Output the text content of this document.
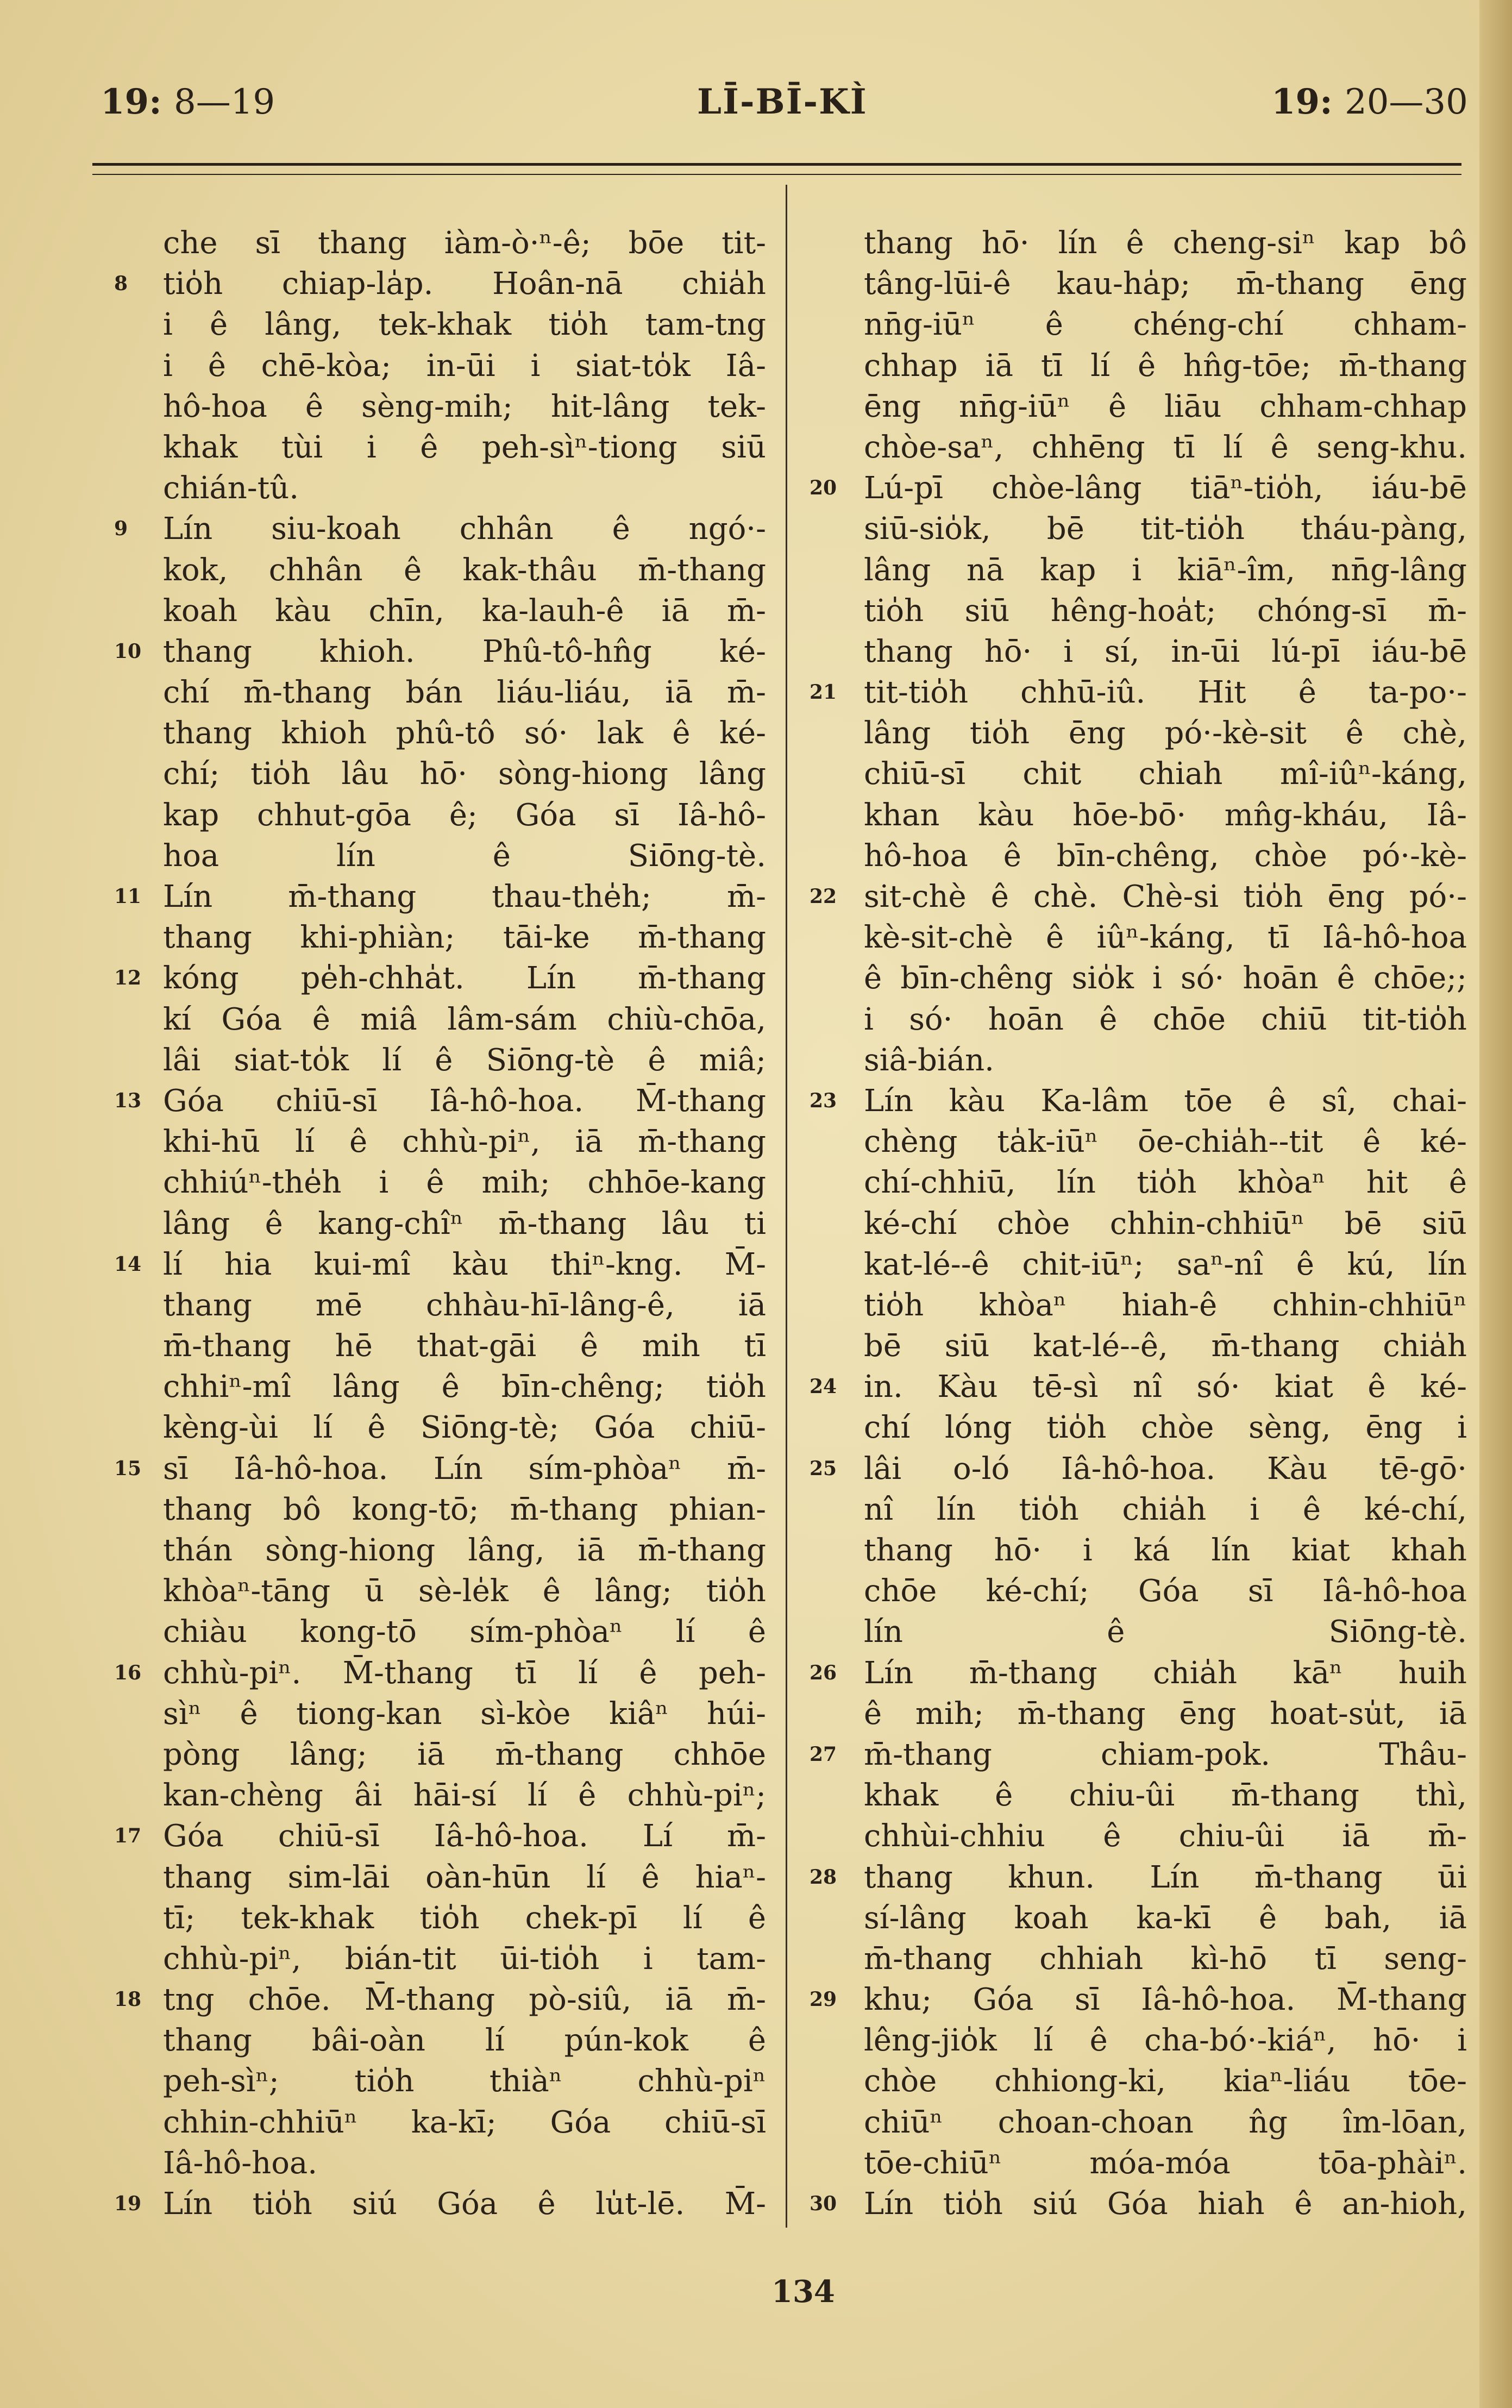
19: 8—19	LĪ-BĪ-KÌ	19: 20—30
che sī thang iàm-ò·ⁿ-ê; bōe tit-
8 tio̍h chiap-la̍p. Hoân-nā chia̍h
i ê lâng, tek-khak tio̍h tam-tng
i ê chē-kòa; in-ūi i siat-to̍k Iâ-
hô-hoa ê sèng-mih; hit-lâng tek-
khak tùi i ê peh-sìⁿ-tiong siū
chián-tû.
9 Lín siu-koah chhân ê ngó·-
kok, chhân ê kak-thâu m̄-thang
koah kàu chīn, ka-lauh-ê iā m̄-
10 thang khioh. Phû-tô-hn̂g ké-
chí m̄-thang bán liáu-liáu, iā m̄-
thang khioh phû-tô só· lak ê ké-
chí; tio̍h lâu hō· sòng-hiong lâng
kap chhut-gōa ê; Góa sī Iâ-hô-
hoa lín ê Siōng-tè.
11 Lín m̄-thang thau-the̍h; m̄-
thang khi-phiàn; tāi-ke m̄-thang
12 kóng pe̍h-chha̍t. Lín m̄-thang
kí Góa ê miâ lâm-sám chiù-chōa,
lâi siat-to̍k lí ê Siōng-tè ê miâ;
13 Góa chiū-sī Iâ-hô-hoa. M̄-thang
khi-hū lí ê chhù-piⁿ, iā m̄-thang
chhiúⁿ-the̍h i ê mih; chhōe-kang
lâng ê kang-chîⁿ m̄-thang lâu ti
14 lí hia kui-mî kàu thiⁿ-kng. M̄-
thang mē chhàu-hī-lâng-ê, iā
m̄-thang hē that-gāi ê mih tī
chhiⁿ-mî lâng ê bīn-chêng; tio̍h
kèng-ùi lí ê Siōng-tè; Góa chiū-
15 sī Iâ-hô-hoa. Lín sím-phòaⁿ m̄-
thang bô kong-tō; m̄-thang phian-
thán sòng-hiong lâng, iā m̄-thang
khòaⁿ-tāng ū sè-le̍k ê lâng; tio̍h
chiàu kong-tō sím-phòaⁿ lí ê
16 chhù-piⁿ. M̄-thang tī lí ê peh-
sìⁿ ê tiong-kan sì-kòe kiâⁿ húi-
pòng lâng; iā m̄-thang chhōe
kan-chèng âi hāi-sí lí ê chhù-piⁿ;
17 Góa chiū-sī Iâ-hô-hoa. Lí m̄-
thang sim-lāi oàn-hūn lí ê hiaⁿ-
tī; tek-khak tio̍h chek-pī lí ê
chhù-piⁿ, bián-tit ūi-tio̍h i tam-
18 tng chōe. M̄-thang pò-siû, iā m̄-
thang bâi-oàn lí pún-kok ê
peh-sìⁿ; tio̍h thiàⁿ chhù-piⁿ
chhin-chhiūⁿ ka-kī; Góa chiū-sī
Iâ-hô-hoa.
19 Lín tio̍h siú Góa ê lu̍t-lē. M̄-
thang hō· lín ê cheng-siⁿ kap bô
tâng-lūi-ê kau-ha̍p; m̄-thang ēng
nn̄g-iūⁿ ê chéng-chí chham-
chhap iā tī lí ê hn̂g-tōe; m̄-thang
ēng nn̄g-iūⁿ ê liāu chham-chhap
chòe-saⁿ, chhēng tī lí ê seng-khu.
20 Lú-pī chòe-lâng tiāⁿ-tio̍h, iáu-bē
siū-sio̍k, bē tit-tio̍h tháu-pàng,
lâng nā kap i kiāⁿ-îm, nn̄g-lâng
tio̍h siū hêng-hoa̍t; chóng-sī m̄-
thang hō· i sí, in-ūi lú-pī iáu-bē
21 tit-tio̍h chhū-iû. Hit ê ta-po·-
lâng tio̍h ēng pó·-kè-sit ê chè,
chiū-sī chit chiah mî-iûⁿ-káng,
khan kàu hōe-bō· mn̂g-kháu, Iâ-
hô-hoa ê bīn-chêng, chòe pó·-kè-
22 sit-chè ê chè. Chè-si tio̍h ēng pó·-
kè-sit-chè ê iûⁿ-káng, tī Iâ-hô-hoa
ê bīn-chêng sio̍k i só· hoān ê chōe;;
i só· hoān ê chōe chiū tit-tio̍h
siâ-bián.
23 Lín kàu Ka-lâm tōe ê sî, chai-
chèng ta̍k-iūⁿ ōe-chia̍h--tit ê ké-
chí-chhiū, lín tio̍h khòaⁿ hit ê
ké-chí chòe chhin-chhiūⁿ bē siū
kat-lé--ê chit-iūⁿ; saⁿ-nî ê kú, lín
tio̍h khòaⁿ hiah-ê chhin-chhiūⁿ
bē siū kat-lé--ê, m̄-thang chia̍h
24 in. Kàu tē-sì nî só· kiat ê ké-
chí lóng tio̍h chòe sèng, ēng i
25 lâi o-ló Iâ-hô-hoa. Kàu tē-gō·
nî lín tio̍h chia̍h i ê ké-chí,
thang hō· i ká lín kiat khah
chōe ké-chí; Góa sī Iâ-hô-hoa
lín ê Siōng-tè.
26 Lín m̄-thang chia̍h kāⁿ huih
ê mih; m̄-thang ēng hoat-su̍t, iā
27 m̄-thang chiam-pok. Thâu-
khak ê chiu-ûi m̄-thang thì,
chhùi-chhiu ê chiu-ûi iā m̄-
28 thang khun. Lín m̄-thang ūi
sí-lâng koah ka-kī ê bah, iā
m̄-thang chhiah kì-hō tī seng-
29 khu; Góa sī Iâ-hô-hoa. M̄-thang
lêng-jio̍k lí ê cha-bó·-kiáⁿ, hō· i
chòe chhiong-ki, kiaⁿ-liáu tōe-
chiūⁿ choan-choan n̂g îm-lōan,
tōe-chiūⁿ móa-móa tōa-phàiⁿ.
30 Lín tio̍h siú Góa hiah ê an-hioh,
134
